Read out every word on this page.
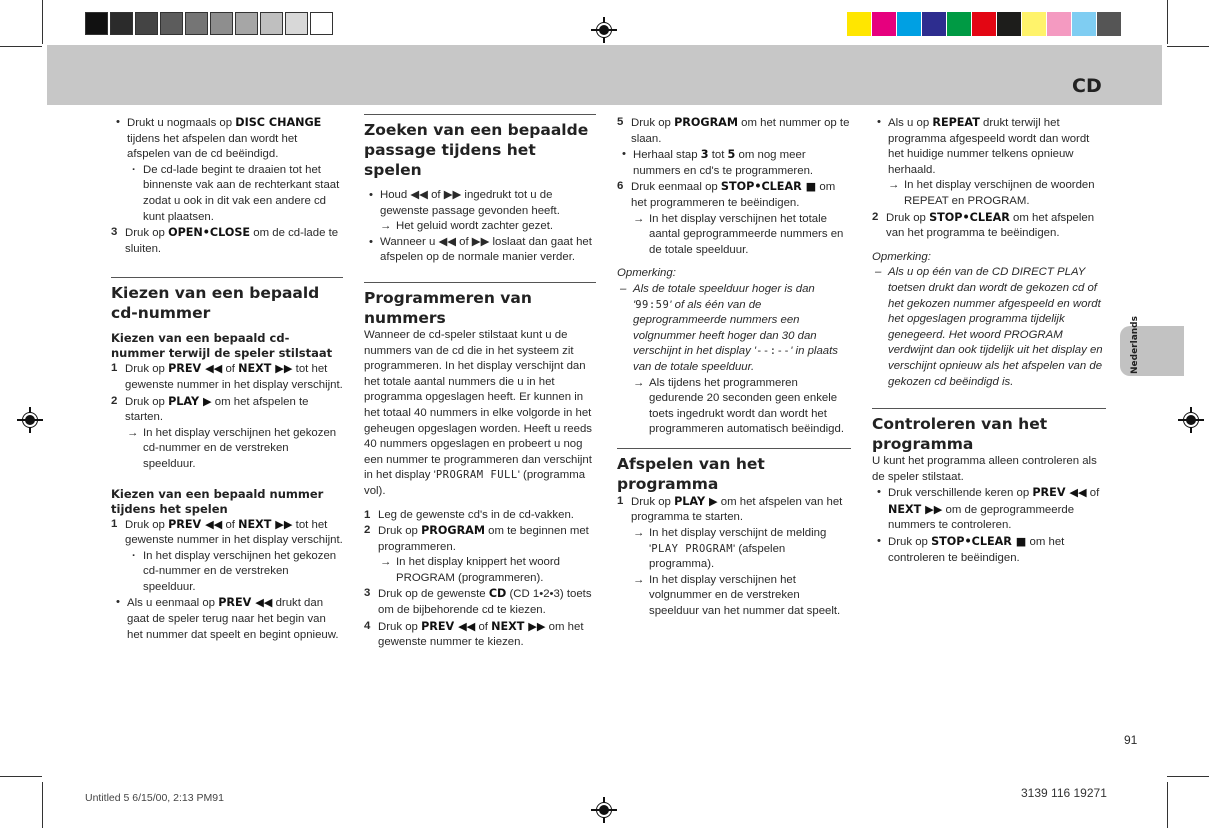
CD

• Drukt u nogmaals op DISC CHANGE tijdens het afspelen dan wordt het afspelen van de cd beëindigd.

· De cd-lade begint te draaien tot het binnenste vak aan de rechterkant staat zodat u ook in dit vak een andere cd kunt plaatsen.

3 Druk op OPEN•CLOSE om de cd-lade te sluiten.

Kiezen van een bepaald cd-nummer
Kiezen van een bepaald cd-nummer terwijl de speler stilstaat

1 Druk op PREV ◀◀ of NEXT ▶▶ tot het gewenste nummer in het display verschijnt.

2 Druk op PLAY ▶ om het afspelen te starten.

→ In het display verschijnen het gekozen cd-nummer en de verstreken speelduur.

Kiezen van een bepaald nummer tijdens het spelen

1 Druk op PREV ◀◀ of NEXT ▶▶ tot het gewenste nummer in het display verschijnt.

· In het display verschijnen het gekozen cd-nummer en de verstreken speelduur.

• Als u eenmaal op PREV ◀◀ drukt dan gaat de speler terug naar het begin van het nummer dat speelt en begint opnieuw.

Zoeken van een bepaalde passage tijdens het spelen

• Houd ◀◀ of ▶▶ ingedrukt tot u de gewenste passage gevonden heeft.

→ Het geluid wordt zachter gezet.

• Wanneer u ◀◀ of ▶▶ loslaat dan gaat het afspelen op de normale manier verder.

Programmeren van nummers

Wanneer de cd-speler stilstaat kunt u de nummers van de cd die in het systeem zit programmeren. In het display verschijnt dan het totale aantal nummers die u in het programma opgeslagen heeft. Er kunnen in het totaal 40 nummers in elke volgorde in het geheugen opgeslagen worden. Heeft u reeds 40 nummers opgeslagen en probeert u nog een nummer te programmeren dan verschijnt in het display 'PROGRAM FULL' (programma vol).

1 Leg de gewenste cd's in de cd-vakken.

2 Druk op PROGRAM om te beginnen met programmeren.

→ In het display knippert het woord PROGRAM (programmeren).

3 Druk op de gewenste CD (CD 1•2•3) toets om de bijbehorende cd te kiezen.

4 Druk op PREV ◀◀ of NEXT ▶▶ om het gewenste nummer te kiezen.

5 Druk op PROGRAM om het nummer op te slaan.

• Herhaal stap 3 tot 5 om nog meer nummers en cd's te programmeren.

6 Druk eenmaal op STOP•CLEAR ■ om het programmeren te beëindigen.

→ In het display verschijnen het totale aantal geprogrammeerde nummers en de totale speelduur.

Opmerking:

– Als de totale speelduur hoger is dan '99:59' of als één van de geprogrammeerde nummers een volgnummer heeft hoger dan 30 dan verschijnt in het display '--:--' in plaats van de totale speelduur.

→ Als tijdens het programmeren gedurende 20 seconden geen enkele toets ingedrukt wordt dan wordt het programmeren automatisch beëindigd.

Afspelen van het programma

1 Druk op PLAY ▶ om het afspelen van het programma te starten.

→ In het display verschijnt de melding 'PLAY PROGRAM' (afspelen programma).

→ In het display verschijnen het volgnummer en de verstreken speelduur van het nummer dat speelt.

• Als u op REPEAT drukt terwijl het programma afgespeeld wordt dan wordt het huidige nummer telkens opnieuw herhaald.

→ In het display verschijnen de woorden REPEAT en PROGRAM.

2 Druk op STOP•CLEAR om het afspelen van het programma te beëindigen.

Opmerking:

– Als u op één van de CD DIRECT PLAY toetsen drukt dan wordt de gekozen cd of het gekozen nummer afgespeeld en wordt het opgeslagen programma tijdelijk genegeerd. Het woord PROGRAM verdwijnt dan ook tijdelijk uit het display en verschijnt opnieuw als het afspelen van de gekozen cd beëindigd is.

Controleren van het programma

U kunt het programma alleen controleren als de speler stilstaat.

• Druk verschillende keren op PREV ◀◀ of NEXT ▶▶ om de geprogrammeerde nummers te controleren.

• Druk op STOP•CLEAR ■ om het controleren te beëindigen.

Nederlands
91
Untitled 5 6/15/00, 2:13 PM91	3139 116 19271
